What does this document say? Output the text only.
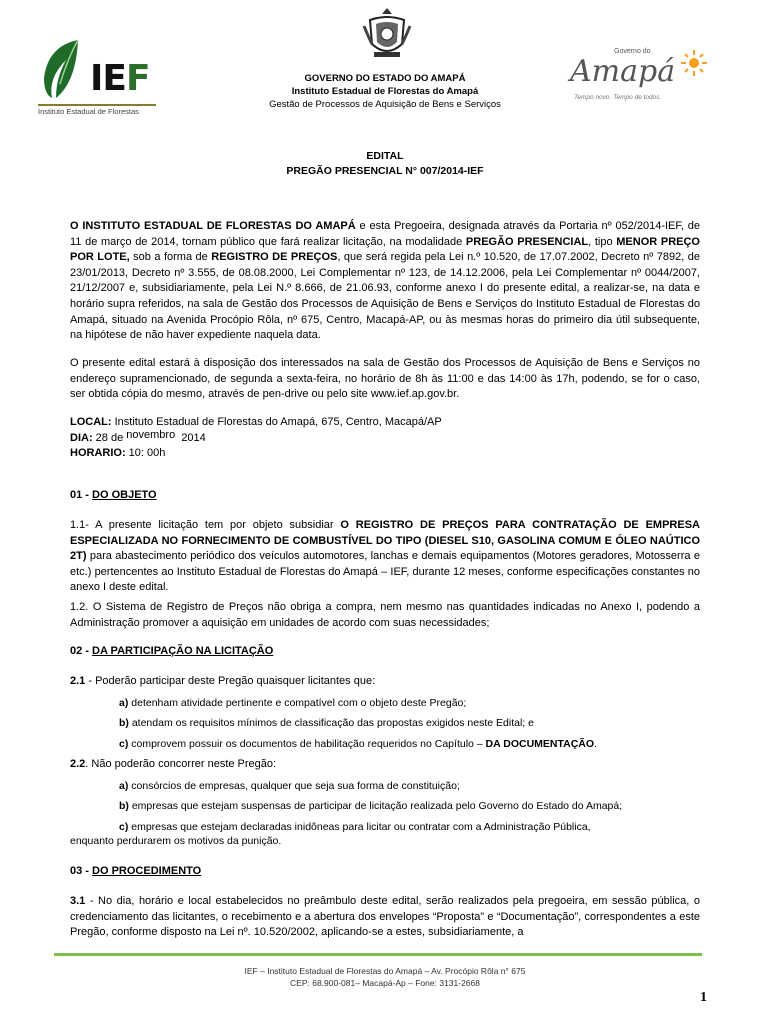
IEF
Instituto Estadual de Florestas
Governo do
Amapá
Tempo novo. Tempo de todos.
GOVERNO DO ESTADO DO AMAPÁ
Instituto Estadual de Florestas do Amapá
Gestão de Processos de Aquisição de Bens e Serviços
EDITAL
PREGÃO PRESENCIAL N° 007/2014-IEF
O INSTITUTO ESTADUAL DE FLORESTAS DO AMAPÁ e esta Pregoeira, designada através da Portaria nº 052/2014-IEF, de 11 de março de 2014, tornam público que fará realizar licitação, na modalidade PREGÃO PRESENCIAL, tipo MENOR PREÇO POR LOTE, sob a forma de REGISTRO DE PREÇOS, que será regida pela Lei n.º 10.520, de 17.07.2002, Decreto nº 7892, de 23/01/2013, Decreto nº 3.555, de 08.08.2000, Lei Complementar nº 123, de 14.12.2006, pela Lei Complementar nº 0044/2007, 21/12/2007 e, subsidiariamente, pela Lei N.º 8.666, de 21.06.93, conforme anexo I do presente edital, a realizar-se, na data e horário supra referidos, na sala de Gestão dos Processos de Aquisição de Bens e Serviços do Instituto Estadual de Florestas do Amapá, situado na Avenida Procópio Rôla, nº 675, Centro, Macapá-AP, ou às mesmas horas do primeiro dia útil subsequente, na hipótese de não haver expediente naquela data.
O presente edital estará à disposição dos interessados na sala de Gestão dos Processos de Aquisição de Bens e Serviços no endereço supramencionado, de segunda a sexta-feira, no horário de 8h às 11:00 e das 14:00 às 17h, podendo, se for o caso, ser obtida cópia do mesmo, através de pen-drive ou pelo site www.ief.ap.gov.br.
LOCAL: Instituto Estadual de Florestas do Amapá, 675, Centro, Macapá/AP
DIA: 28 de novembro 2014
HORARIO: 10: 00h
01 - DO OBJETO
1.1- A presente licitação tem por objeto subsidiar O REGISTRO DE PREÇOS PARA CONTRATAÇÃO DE EMPRESA ESPECIALIZADA NO FORNECIMENTO DE COMBUSTÍVEL DO TIPO (DIESEL S10, GASOLINA COMUM E ÓLEO NAÚTICO 2T) para abastecimento periódico dos veículos automotores, lanchas e demais equipamentos (Motores geradores, Motosserra e etc.) pertencentes ao Instituto Estadual de Florestas do Amapá – IEF, durante 12 meses, conforme especificações constantes no anexo I deste edital.
1.2. O Sistema de Registro de Preços não obriga a compra, nem mesmo nas quantidades indicadas no Anexo I, podendo a Administração promover a aquisição em unidades de acordo com suas necessidades;
02 - DA PARTICIPAÇÃO NA LICITAÇÃO
2.1 - Poderão participar deste Pregão quaisquer licitantes que:
a) detenham atividade pertinente e compatível com o objeto deste Pregão;
b) atendam os requisitos mínimos de classificação das propostas exigidos neste Edital; e
c) comprovem possuir os documentos de habilitação requeridos no Capítulo – DA DOCUMENTAÇÃO.
2.2. Não poderão concorrer neste Pregão:
a) consórcios de empresas, qualquer que seja sua forma de constituição;
b) empresas que estejam suspensas de participar de licitação realizada pelo Governo do Estado do Amapá;
c) empresas que estejam declaradas inidôneas para licitar ou contratar com a Administração Pública,
enquanto perdurarem os motivos da punição.
03 - DO PROCEDIMENTO
3.1 - No dia, horário e local estabelecidos no preâmbulo deste edital, serão realizados pela pregoeira, em sessão pública, o credenciamento das licitantes, o recebimento e a abertura dos envelopes “Proposta” e “Documentação”, correspondentes a este Pregão, conforme disposto na Lei nº. 10.520/2002, aplicando-se a estes, subsidiariamente, a
IEF – Instituto Estadual de Florestas do Amapá – Av. Procópio Rôla n° 675
CEP: 68.900-081– Macapá-Ap – Fone: 3131-2668
1
